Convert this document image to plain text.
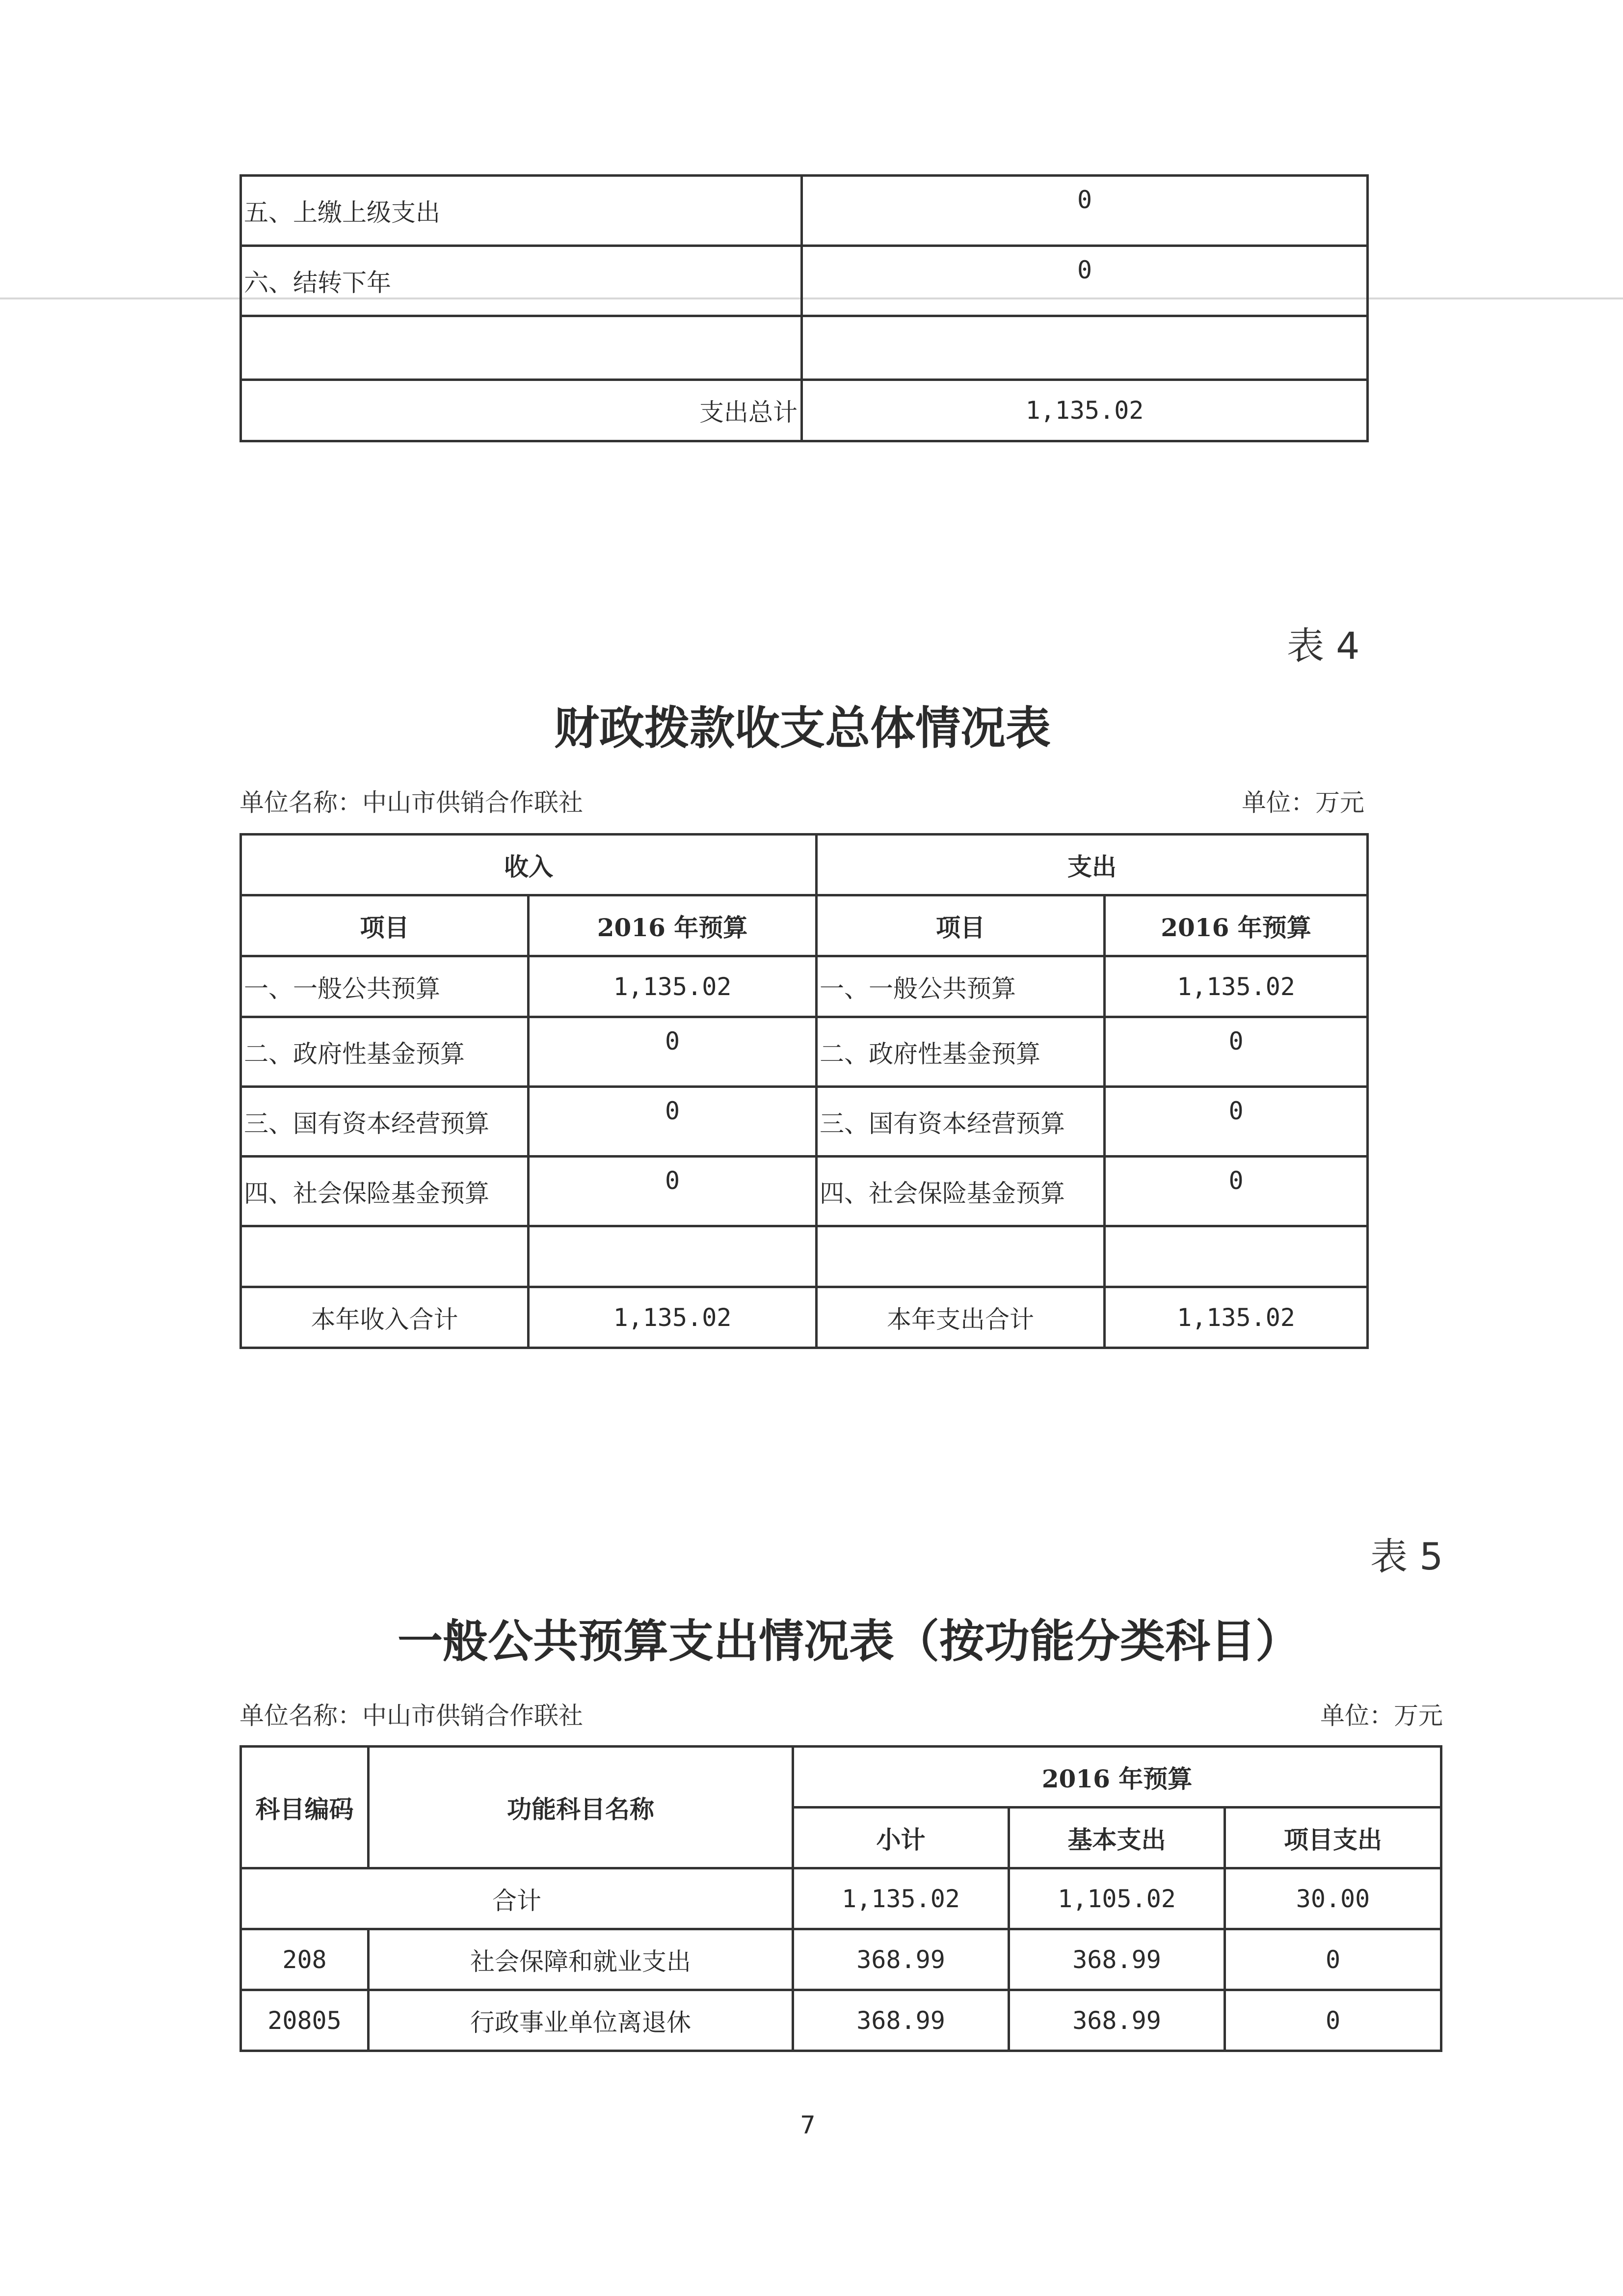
五、上缴上级支出	0
六、结转下年	0

支出总计	1,135.02
表 4
财政拨款收支总体情况表
单位名称：中山市供销合作联社	单位：万元
收入		支出	
项目	2016 年预算	项目	2016 年预算
一、一般公共预算	1,135.02	一、一般公共预算	1,135.02
二、政府性基金预算	0	二、政府性基金预算	0
三、国有资本经营预算	0	三、国有资本经营预算	0
四、社会保险基金预算	0	四、社会保险基金预算	0

本年收入合计	1,135.02	本年支出合计	1,135.02
表 5
一般公共预算支出情况表（按功能分类科目）
单位名称：中山市供销合作联社	单位：万元
科目编码	功能科目名称	2016 年预算		
		小计	基本支出	项目支出
合计		1,135.02	1,105.02	30.00
208	社会保障和就业支出	368.99	368.99	0
20805	行政事业单位离退休	368.99	368.99	0
7
